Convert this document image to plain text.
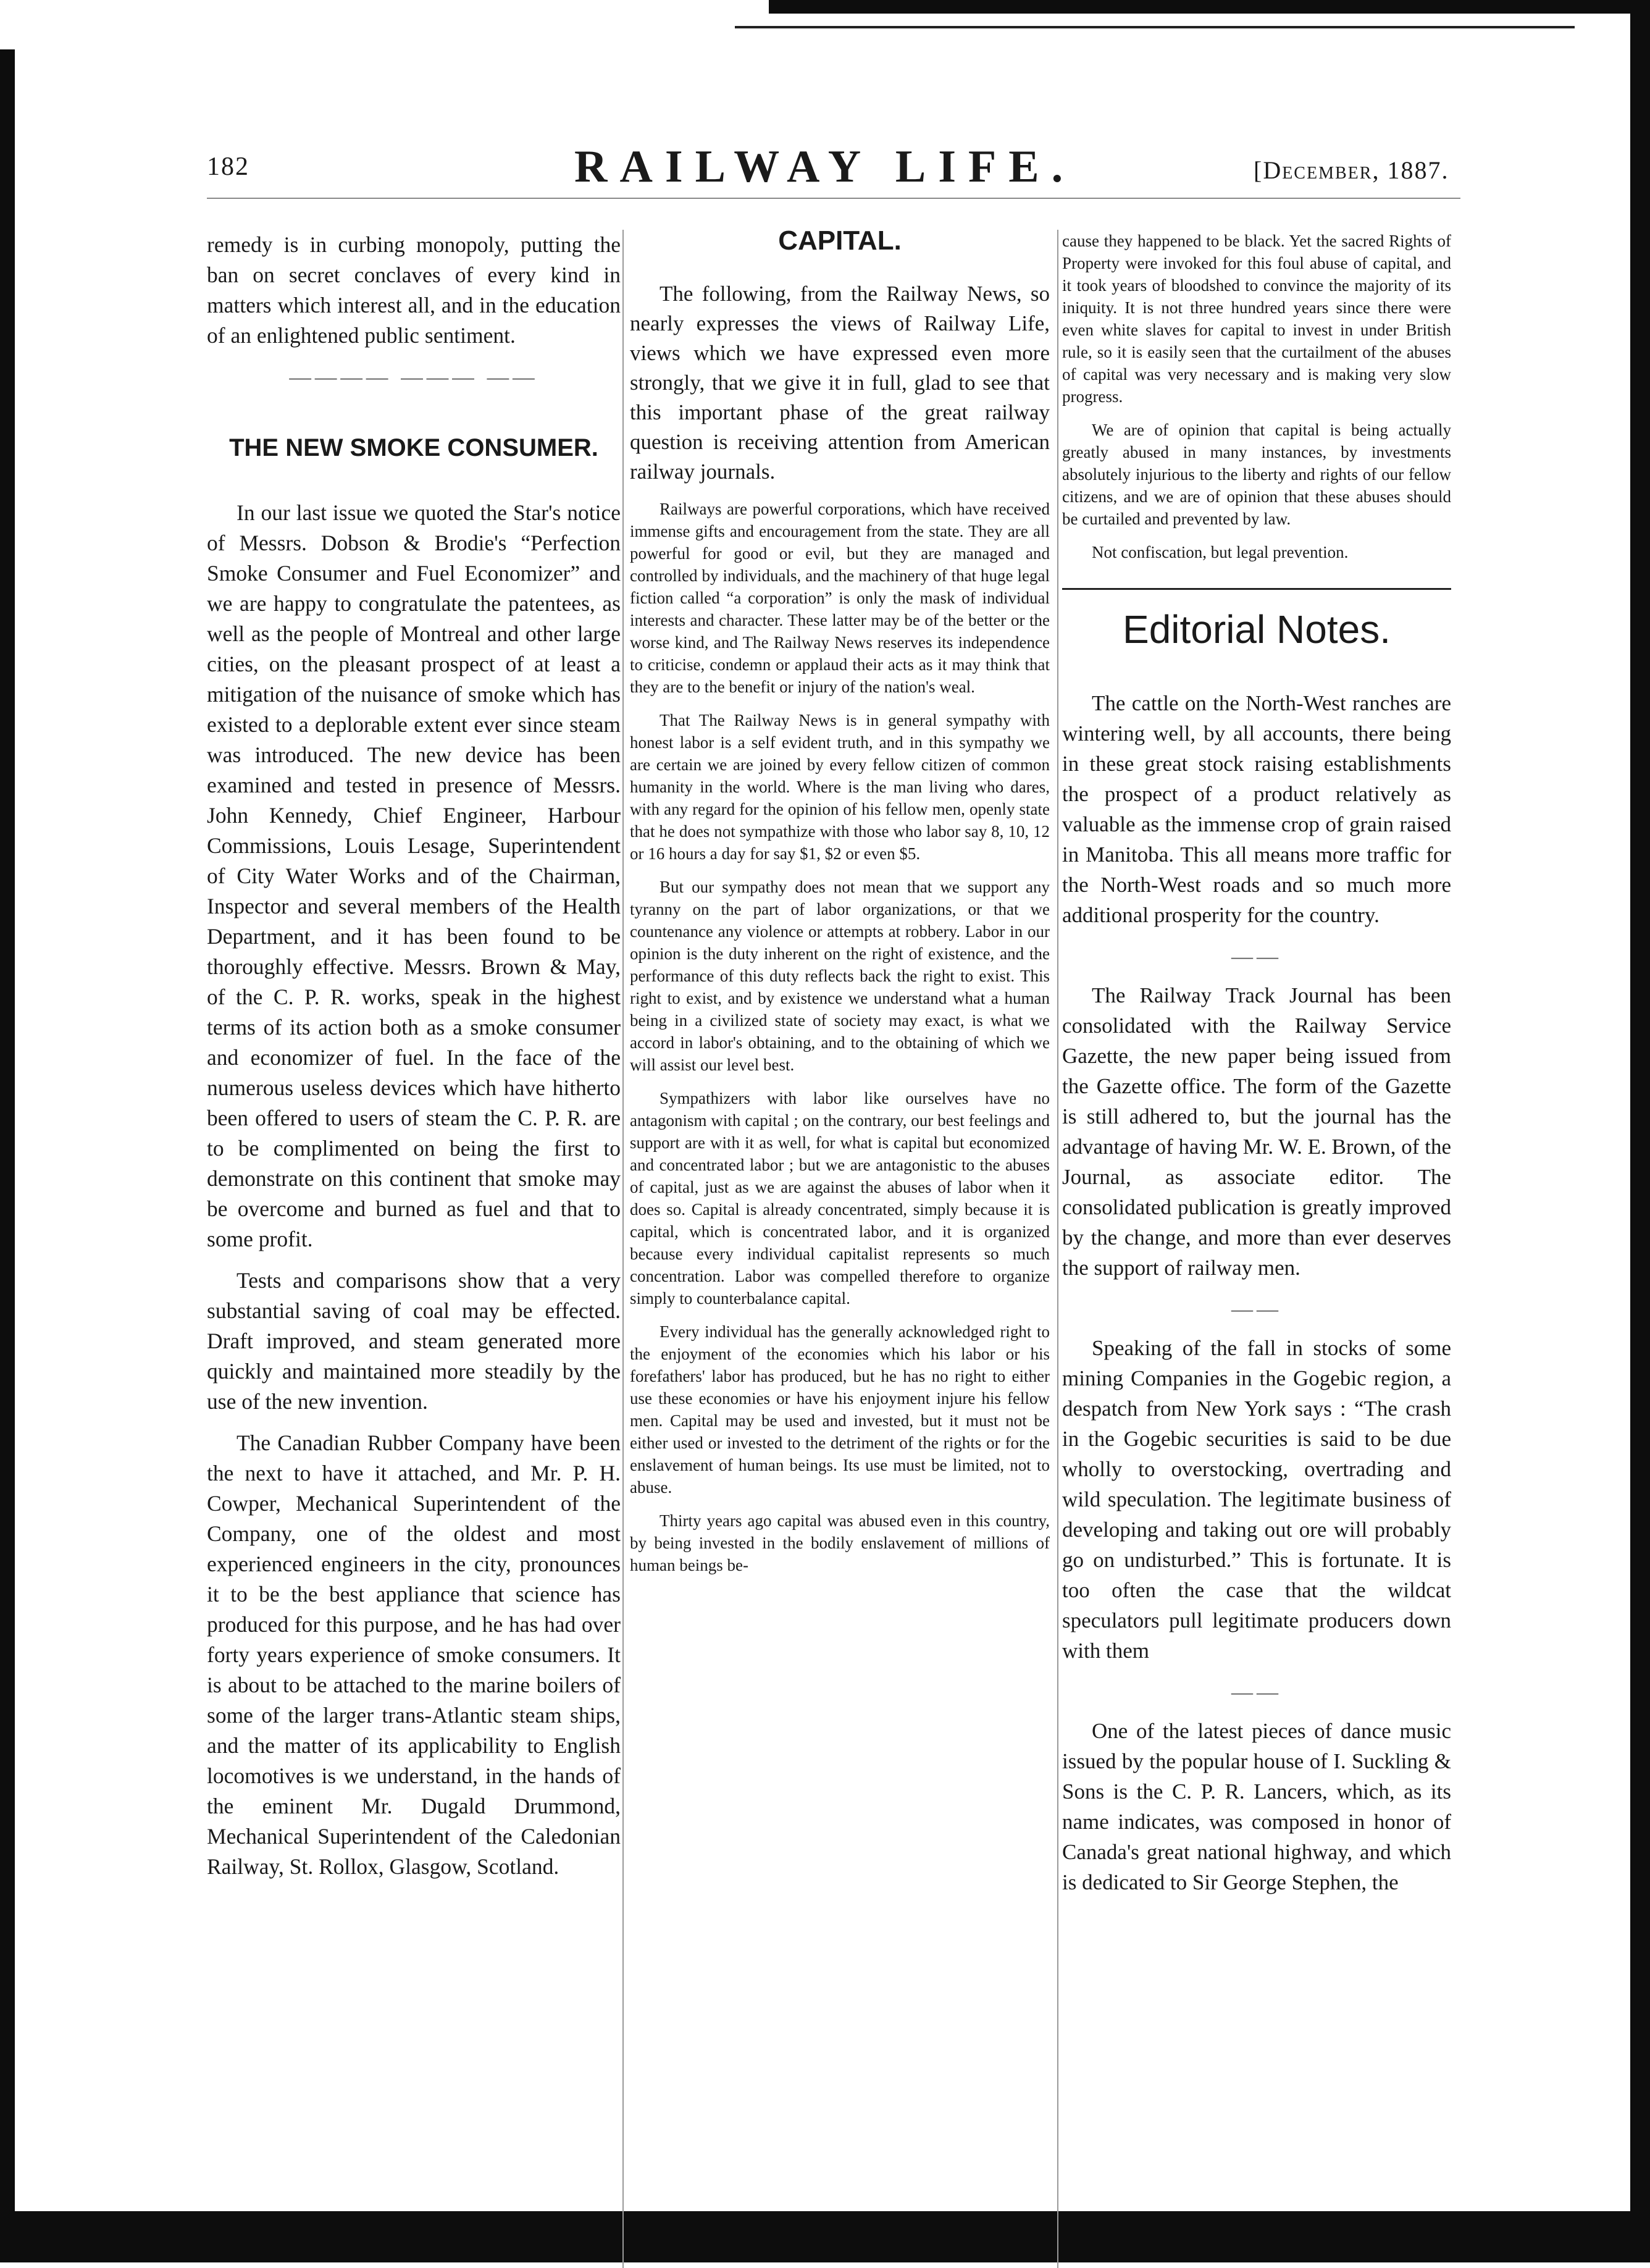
182	RAILWAY LIFE.	[December, 1887.

remedy is in curbing monopoly, putting the ban on secret conclaves of every kind in matters which interest all, and in the education of an enlightened public sentiment.

———— ——— ——
THE NEW SMOKE CONSUMER.

In our last issue we quoted the Star's notice of Messrs. Dobson & Brodie's “Perfection Smoke Consumer and Fuel Economizer” and we are happy to congratulate the patentees, as well as the people of Montreal and other large cities, on the pleasant prospect of at least a mitigation of the nuisance of smoke which has existed to a deplorable extent ever since steam was introduced. The new device has been examined and tested in presence of Messrs. John Kennedy, Chief Engineer, Harbour Commissions, Louis Lesage, Superintendent of City Water Works and of the Chairman, Inspector and several members of the Health Department, and it has been found to be thoroughly effective. Messrs. Brown & May, of the C. P. R. works, speak in the highest terms of its action both as a smoke consumer and economizer of fuel. In the face of the numerous useless devices which have hitherto been offered to users of steam the C. P. R. are to be complimented on being the first to demonstrate on this continent that smoke may be overcome and burned as fuel and that to some profit.

Tests and comparisons show that a very substantial saving of coal may be effected. Draft improved, and steam generated more quickly and maintained more steadily by the use of the new invention.

The Canadian Rubber Company have been the next to have it attached, and Mr. P. H. Cowper, Mechanical Superintendent of the Company, one of the oldest and most experienced engineers in the city, pronounces it to be the best appliance that science has produced for this purpose, and he has had over forty years experience of smoke consumers. It is about to be attached to the marine boilers of some of the larger trans-Atlantic steam ships, and the matter of its applicability to English locomotives is we understand, in the hands of the eminent Mr. Dugald Drummond, Mechanical Superintendent of the Caledonian Railway, St. Rollox, Glasgow, Scotland.

CAPITAL.

The following, from the Railway News, so nearly expresses the views of Railway Life, views which we have expressed even more strongly, that we give it in full, glad to see that this important phase of the great railway question is receiving attention from American railway journals.

Railways are powerful corporations, which have received immense gifts and encouragement from the state. They are all powerful for good or evil, but they are managed and controlled by individuals, and the machinery of that huge legal fiction called “a corporation” is only the mask of individual interests and character. These latter may be of the better or the worse kind, and The Railway News reserves its independence to criticise, condemn or applaud their acts as it may think that they are to the benefit or injury of the nation's weal.

That The Railway News is in general sympathy with honest labor is a self evident truth, and in this sympathy we are certain we are joined by every fellow citizen of common humanity in the world. Where is the man living who dares, with any regard for the opinion of his fellow men, openly state that he does not sympathize with those who labor say 8, 10, 12 or 16 hours a day for say $1, $2 or even $5.

But our sympathy does not mean that we support any tyranny on the part of labor organizations, or that we countenance any violence or attempts at robbery. Labor in our opinion is the duty inherent on the right of existence, and the performance of this duty reflects back the right to exist. This right to exist, and by existence we understand what a human being in a civilized state of society may exact, is what we accord in labor's obtaining, and to the obtaining of which we will assist our level best.

Sympathizers with labor like ourselves have no antagonism with capital ; on the contrary, our best feelings and support are with it as well, for what is capital but economized and concentrated labor ; but we are antagonistic to the abuses of capital, just as we are against the abuses of labor when it does so. Capital is already concentrated, simply because it is capital, which is concentrated labor, and it is organized because every individual capitalist represents so much concentration. Labor was compelled therefore to organize simply to counterbalance capital.

Every individual has the generally acknowledged right to the enjoyment of the economies which his labor or his forefathers' labor has produced, but he has no right to either use these economies or have his enjoyment injure his fellow men. Capital may be used and invested, but it must not be either used or invested to the detriment of the rights or for the enslavement of human beings. Its use must be limited, not to abuse.

Thirty years ago capital was abused even in this country, by being invested in the bodily enslavement of millions of human beings be-

cause they happened to be black. Yet the sacred Rights of Property were invoked for this foul abuse of capital, and it took years of bloodshed to convince the majority of its iniquity. It is not three hundred years since there were even white slaves for capital to invest in under British rule, so it is easily seen that the curtailment of the abuses of capital was very necessary and is making very slow progress.

We are of opinion that capital is being actually greatly abused in many instances, by investments absolutely injurious to the liberty and rights of our fellow citizens, and we are of opinion that these abuses should be curtailed and prevented by law.

Not confiscation, but legal prevention.

Editorial Notes.

The cattle on the North-West ranches are wintering well, by all accounts, there being in these great stock raising establishments the prospect of a product relatively as valuable as the immense crop of grain raised in Manitoba. This all means more traffic for the North-West roads and so much more additional prosperity for the country.

——

The Railway Track Journal has been consolidated with the Railway Service Gazette, the new paper being issued from the Gazette office. The form of the Gazette is still adhered to, but the journal has the advantage of having Mr. W. E. Brown, of the Journal, as associate editor. The consolidated publication is greatly improved by the change, and more than ever deserves the support of railway men.

——

Speaking of the fall in stocks of some mining Companies in the Gogebic region, a despatch from New York says : “The crash in the Gogebic securities is said to be due wholly to overstocking, overtrading and wild speculation. The legitimate business of developing and taking out ore will probably go on undisturbed.” This is fortunate. It is too often the case that the wildcat speculators pull legitimate producers down with them

——

One of the latest pieces of dance music issued by the popular house of I. Suckling & Sons is the C. P. R. Lancers, which, as its name indicates, was composed in honor of Canada's great national highway, and which is dedicated to Sir George Stephen, the
